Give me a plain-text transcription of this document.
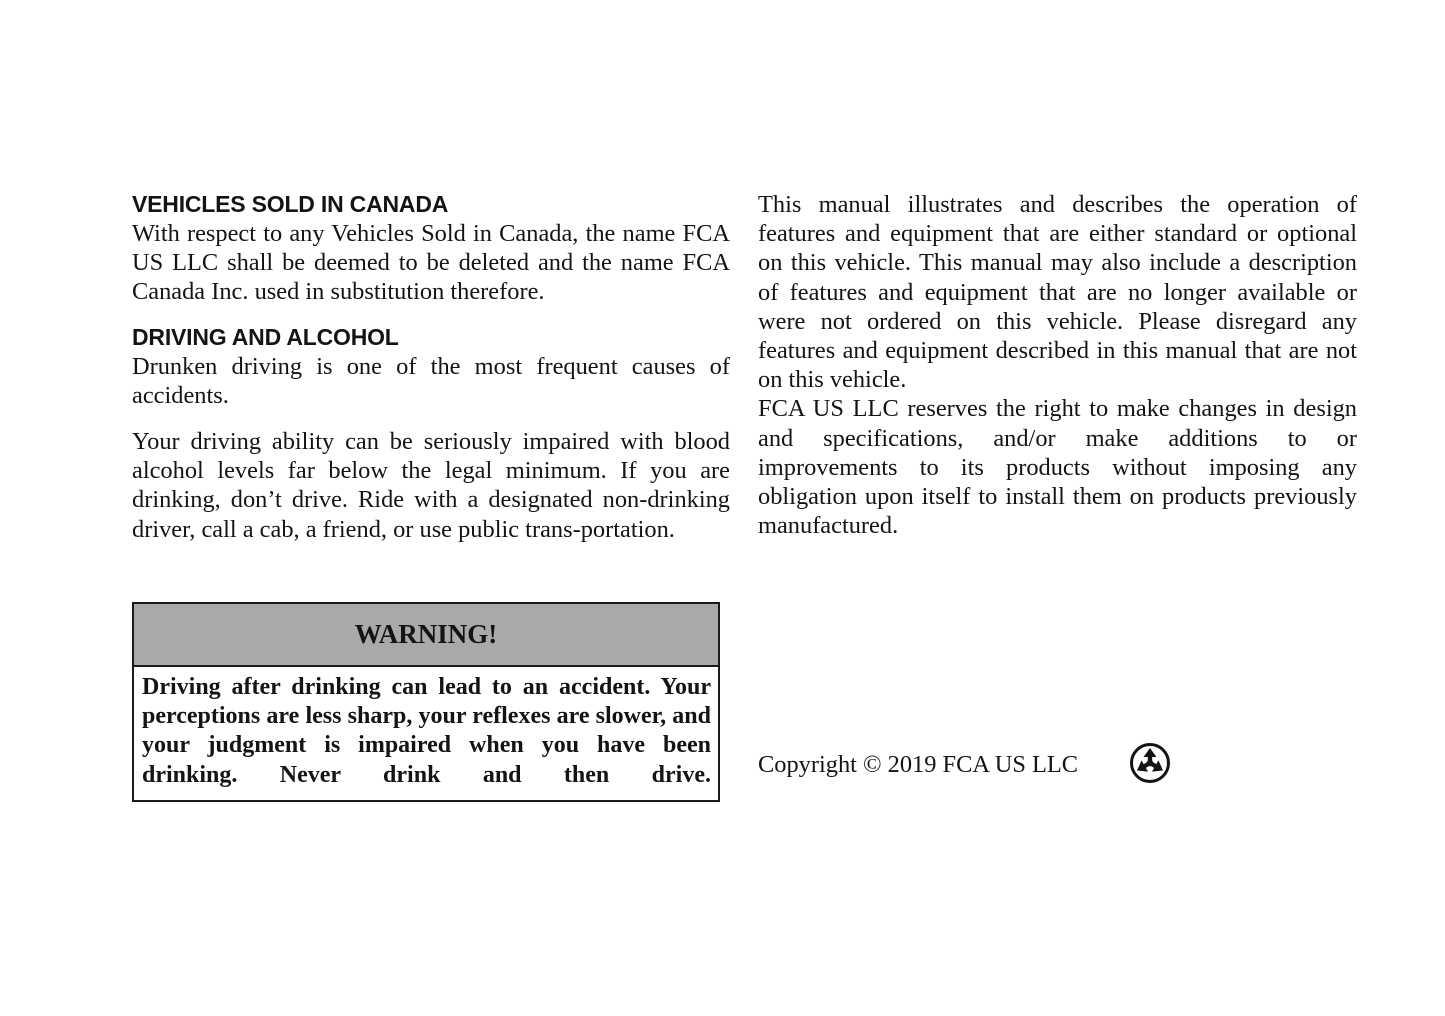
VEHICLES SOLD IN CANADA

With respect to any Vehicles Sold in Canada, the name FCA US LLC shall be deemed to be deleted and the name FCA Canada Inc. used in substitution therefore.

DRIVING AND ALCOHOL

Drunken driving is one of the most frequent causes of accidents.

Your driving ability can be seriously impaired with blood alcohol levels far below the legal minimum. If you are drinking, don’t drive. Ride with a designated non-drinking driver, call a cab, a friend, or use public trans-portation.

WARNING!
Driving after drinking can lead to an accident. Your perceptions are less sharp, your reflexes are slower, and your judgment is impaired when you have been drinking. Never drink and then drive.

This manual illustrates and describes the operation of features and equipment that are either standard or optional on this vehicle. This manual may also include a description of features and equipment that are no longer available or were not ordered on this vehicle. Please disregard any features and equipment described in this manual that are not on this vehicle.

FCA US LLC reserves the right to make changes in design and specifications, and/or make additions to or improvements to its products without imposing any obligation upon itself to install them on products previously manufactured.

Copyright © 2019 FCA US LLC
